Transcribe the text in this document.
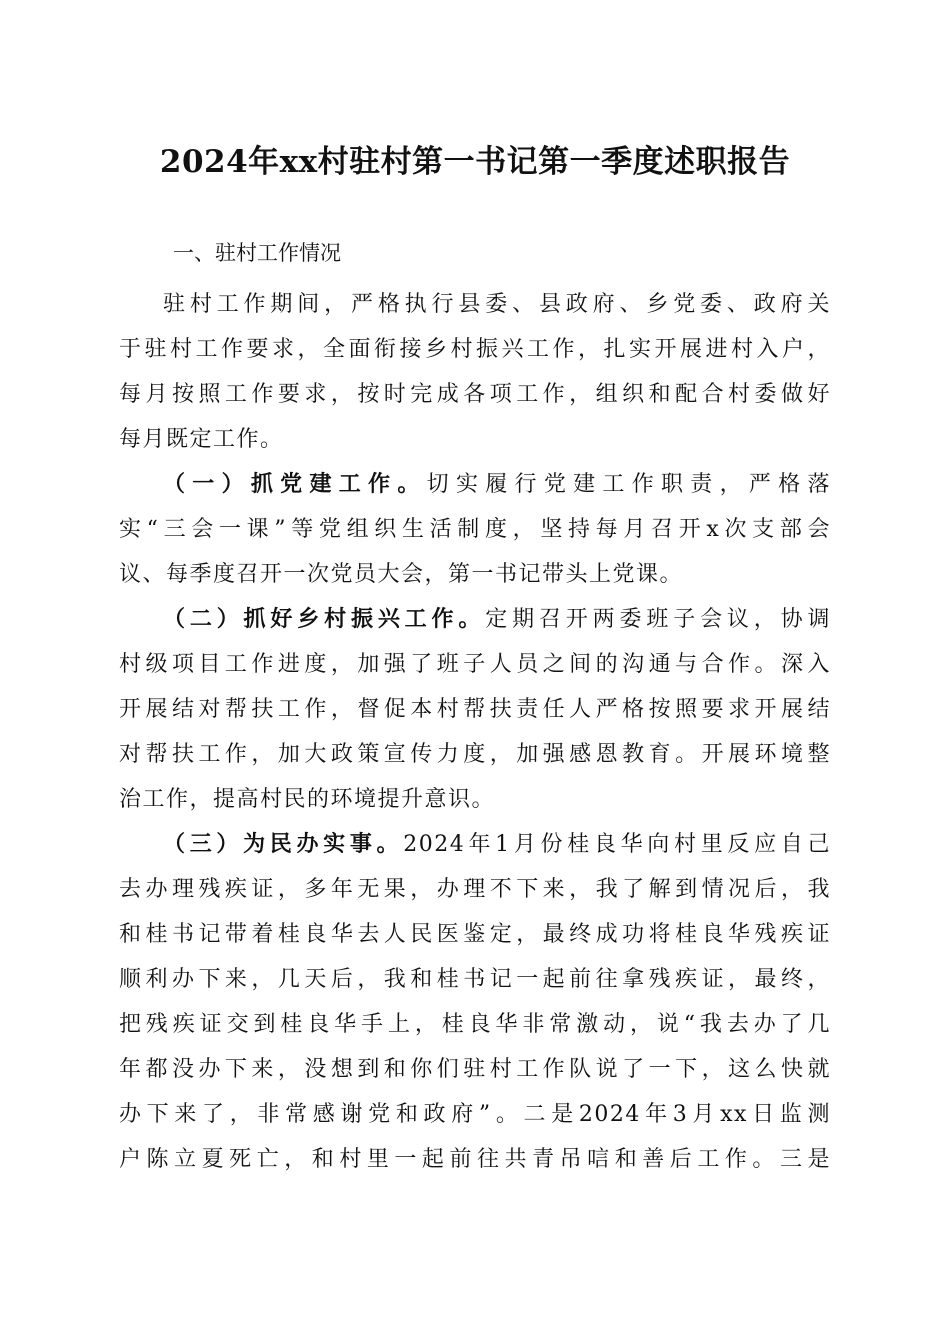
2024年xx村驻村第一书记第一季度述职报告
一、驻村工作情况
驻村工作期间，严格执行县委、县政府、乡党委、政府关
于驻村工作要求，全面衔接乡村振兴工作，扎实开展进村入户，
每月按照工作要求，按时完成各项工作，组织和配合村委做好
每月既定工作。
（一）抓党建工作。切实履行党建工作职责，严格落
实“三会一课”等党组织生活制度，坚持每月召开x次支部会
议、每季度召开一次党员大会，第一书记带头上党课。
（二）抓好乡村振兴工作。定期召开两委班子会议，协调
村级项目工作进度，加强了班子人员之间的沟通与合作。深入
开展结对帮扶工作，督促本村帮扶责任人严格按照要求开展结
对帮扶工作，加大政策宣传力度，加强感恩教育。开展环境整
治工作，提高村民的环境提升意识。
（三）为民办实事。2024年1月份桂良华向村里反应自己
去办理残疾证，多年无果，办理不下来，我了解到情况后，我
和桂书记带着桂良华去人民医鉴定，最终成功将桂良华残疾证
顺利办下来，几天后，我和桂书记一起前往拿残疾证，最终，
把残疾证交到桂良华手上，桂良华非常激动，说“我去办了几
年都没办下来，没想到和你们驻村工作队说了一下，这么快就
办下来了，非常感谢党和政府”。二是2024年3月xx日监测
户陈立夏死亡，和村里一起前往共青吊唁和善后工作。三是
